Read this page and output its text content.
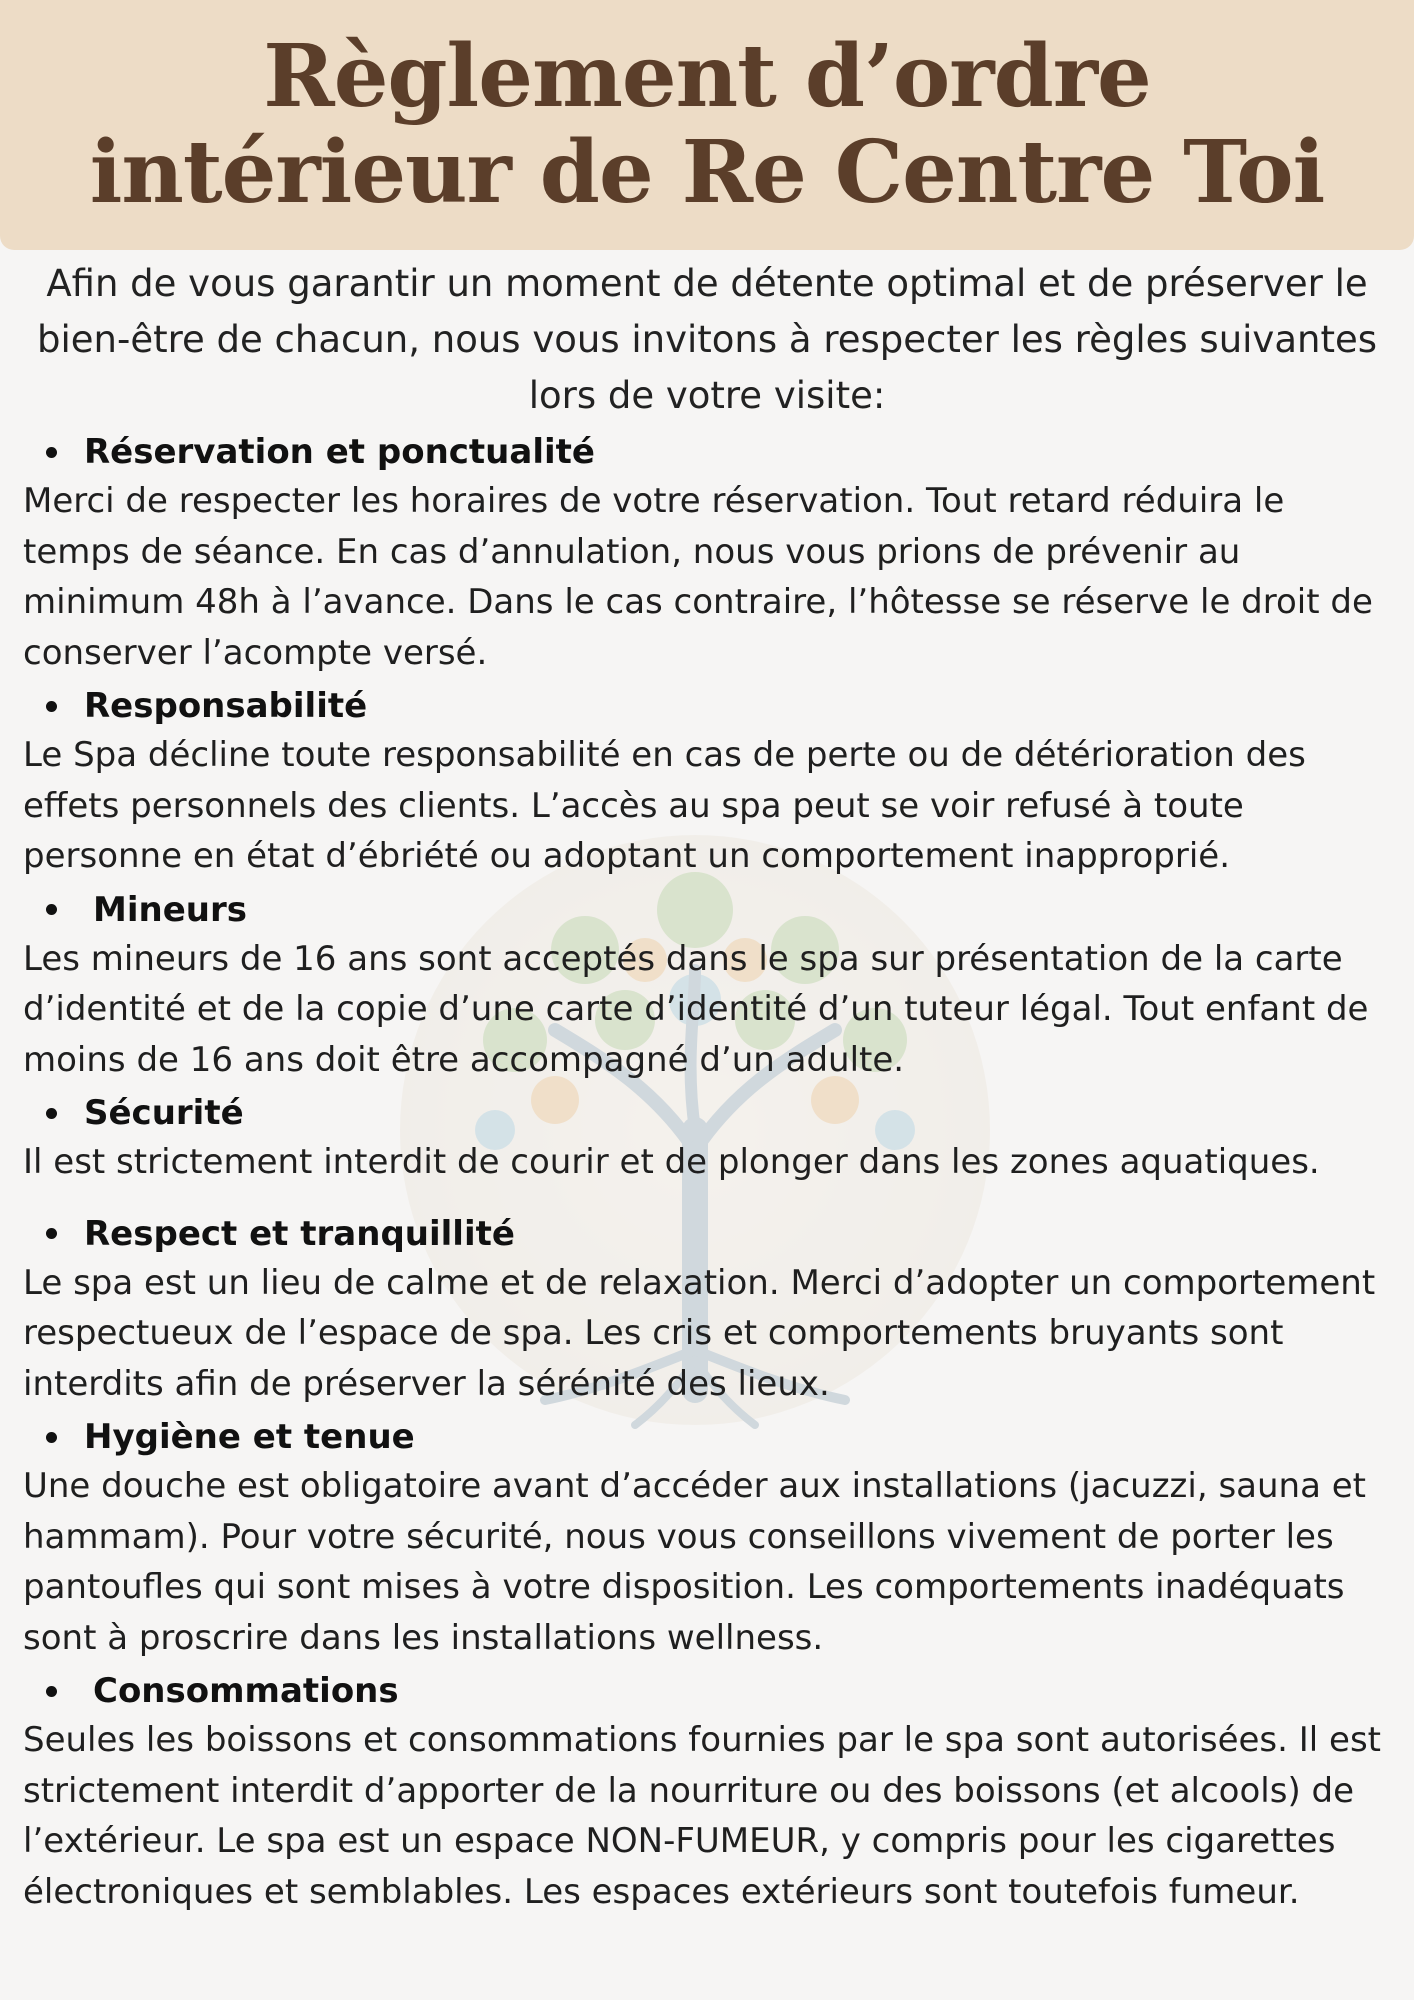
Règlement d’ordre
intérieur de Re Centre Toi

Afin de vous garantir un moment de détente optimal et de préserver le bien-être de chacun, nous vous invitons à respecter les règles suivantes lors de votre visite:

Réservation et ponctualité

Merci de respecter les horaires de votre réservation. Tout retard réduira le temps de séance. En cas d’annulation, nous vous prions de prévenir au minimum 48h à l’avance. Dans le cas contraire, l’hôtesse se réserve le droit de conserver l’acompte versé.

Responsabilité

Le Spa décline toute responsabilité en cas de perte ou de détérioration des effets personnels des clients. L’accès au spa peut se voir refusé à toute personne en état d’ébriété ou adoptant un comportement inapproprié.

Mineurs

Les mineurs de 16 ans sont acceptés dans le spa sur présentation de la carte d’identité et de la copie d’une carte d’identité d’un tuteur légal. Tout enfant de moins de 16 ans doit être accompagné d’un adulte.

Sécurité

Il est strictement interdit de courir et de plonger dans les zones aquatiques.

Respect et tranquillité

Le spa est un lieu de calme et de relaxation. Merci d’adopter un comportement respectueux de l’espace de spa. Les cris et comportements bruyants sont interdits afin de préserver la sérénité des lieux.

Hygiène et tenue

Une douche est obligatoire avant d’accéder aux installations (jacuzzi, sauna et hammam). Pour votre sécurité, nous vous conseillons vivement de porter les pantoufles qui sont mises à votre disposition. Les comportements inadéquats sont à proscrire dans les installations wellness.

Consommations

Seules les boissons et consommations fournies par le spa sont autorisées. Il est strictement interdit d’apporter de la nourriture ou des boissons (et alcools) de l’extérieur. Le spa est un espace NON-FUMEUR, y compris pour les cigarettes électroniques et semblables. Les espaces extérieurs sont toutefois fumeur.
